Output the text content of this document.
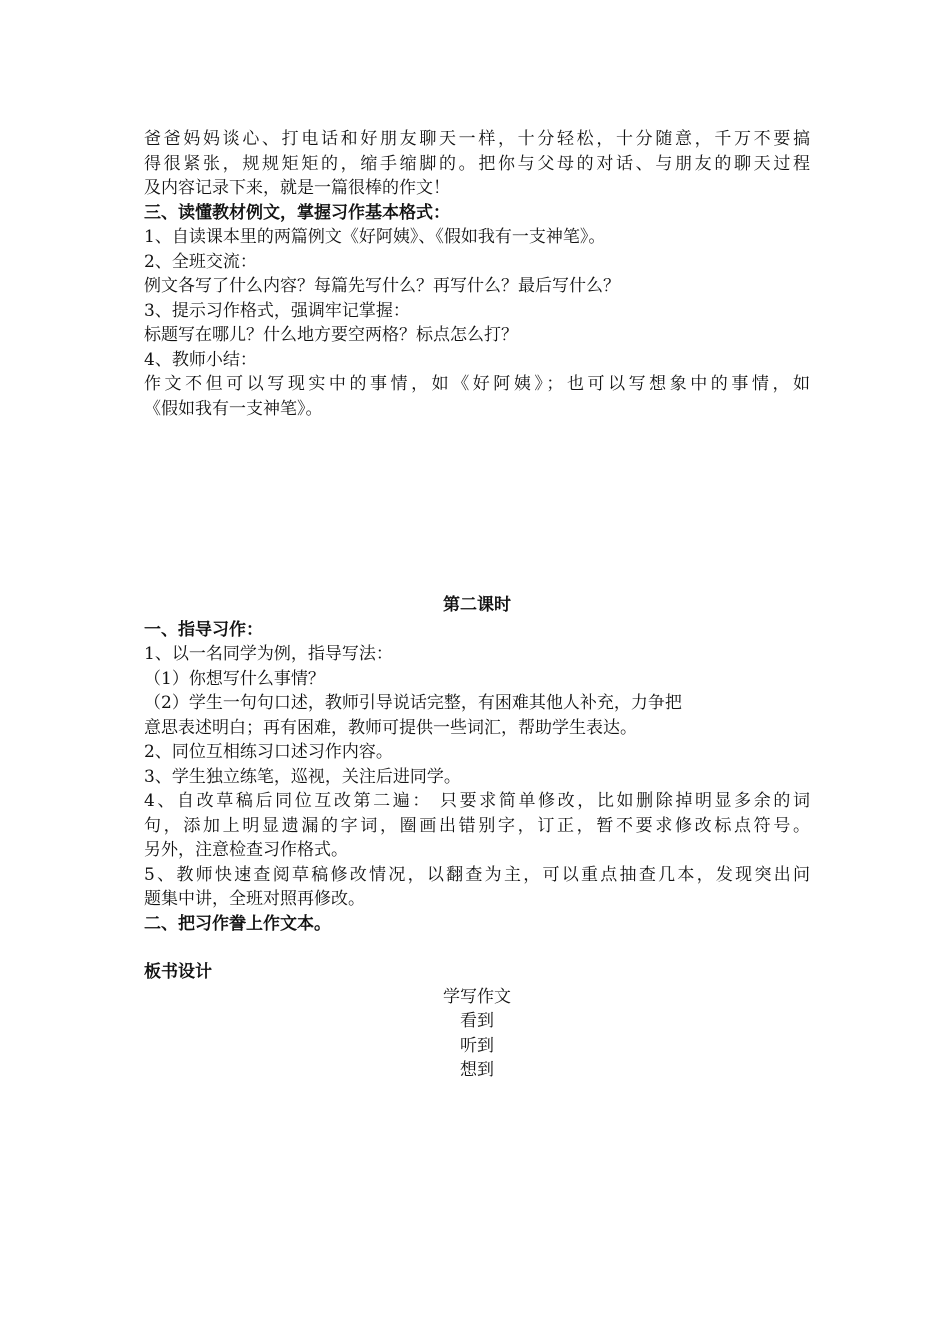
爸爸妈妈谈心、打电话和好朋友聊天一样，十分轻松，十分随意，千万不要搞
得很紧张，规规矩矩的，缩手缩脚的。把你与父母的对话、与朋友的聊天过程
及内容记录下来，就是一篇很棒的作文！
三、读懂教材例文，掌握习作基本格式：
1、自读课本里的两篇例文《好阿姨》、《假如我有一支神笔》。
2、全班交流：
例文各写了什么内容？每篇先写什么？再写什么？最后写什么？
3、提示习作格式，强调牢记掌握：
标题写在哪儿？什么地方要空两格？标点怎么打？
4、教师小结：
作文不但可以写现实中的事情，如《好阿姨》；也可以写想象中的事情，如
《假如我有一支神笔》。
第二课时
一、指导习作：
1、以一名同学为例，指导写法：
（1）你想写什么事情？
（2）学生一句句口述，教师引导说话完整，有困难其他人补充，力争把
意思表述明白；再有困难，教师可提供一些词汇，帮助学生表达。
2、同位互相练习口述习作内容。
3、学生独立练笔，巡视，关注后进同学。
4、自改草稿后同位互改第二遍： 只要求简单修改，比如删除掉明显多余的词
句，添加上明显遗漏的字词，圈画出错别字，订正，暂不要求修改标点符号。
另外，注意检查习作格式。
5、教师快速查阅草稿修改情况，以翻查为主，可以重点抽查几本，发现突出问
题集中讲，全班对照再修改。
二、把习作誊上作文本。
板书设计
学写作文
看到
听到
想到
